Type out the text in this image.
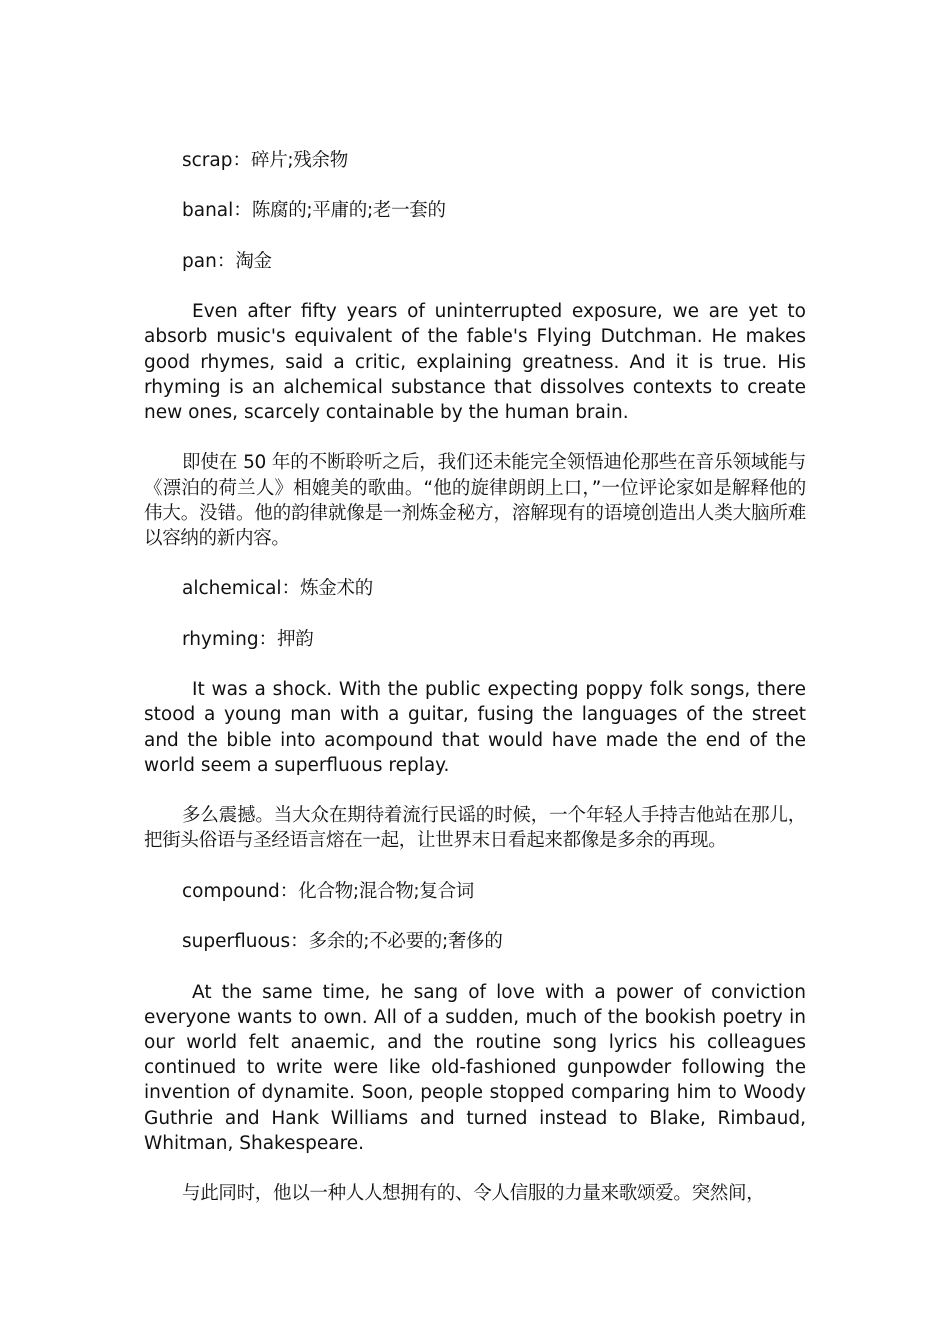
scrap：碎片;残余物

banal：陈腐的;平庸的;老一套的

pan：淘金

Even after fifty years of uninterrupted exposure, we are yet to absorb music's equivalent of the fable's Flying Dutchman. He makes good rhymes, said a critic, explaining greatness. And it is true. His rhyming is an alchemical substance that dissolves contexts to create new ones, scarcely containable by the human brain.

即使在 50 年的不断聆听之后，我们还未能完全领悟迪伦那些在音乐领域能与《漂泊的荷兰人》相媲美的歌曲。“他的旋律朗朗上口，”一位评论家如是解释他的伟大。没错。他的韵律就像是一剂炼金秘方，溶解现有的语境创造出人类大脑所难以容纳的新内容。

alchemical：炼金术的

rhyming：押韵

It was a shock. With the public expecting poppy folk songs, there stood a young man with a guitar, fusing the languages of the street and the bible into acompound that would have made the end of the world seem a superfluous replay.

多么震撼。当大众在期待着流行民谣的时候，一个年轻人手持吉他站在那儿，把街头俗语与圣经语言熔在一起，让世界末日看起来都像是多余的再现。

compound：化合物;混合物;复合词

superfluous：多余的;不必要的;奢侈的

At the same time, he sang of love with a power of conviction everyone wants to own. All of a sudden, much of the bookish poetry in our world felt anaemic, and the routine song lyrics his colleagues continued to write were like old-fashioned gunpowder following the invention of dynamite. Soon, people stopped comparing him to Woody Guthrie and Hank Williams and turned instead to Blake, Rimbaud, Whitman, Shakespeare.

与此同时，他以一种人人想拥有的、令人信服的力量来歌颂爱。突然间，
